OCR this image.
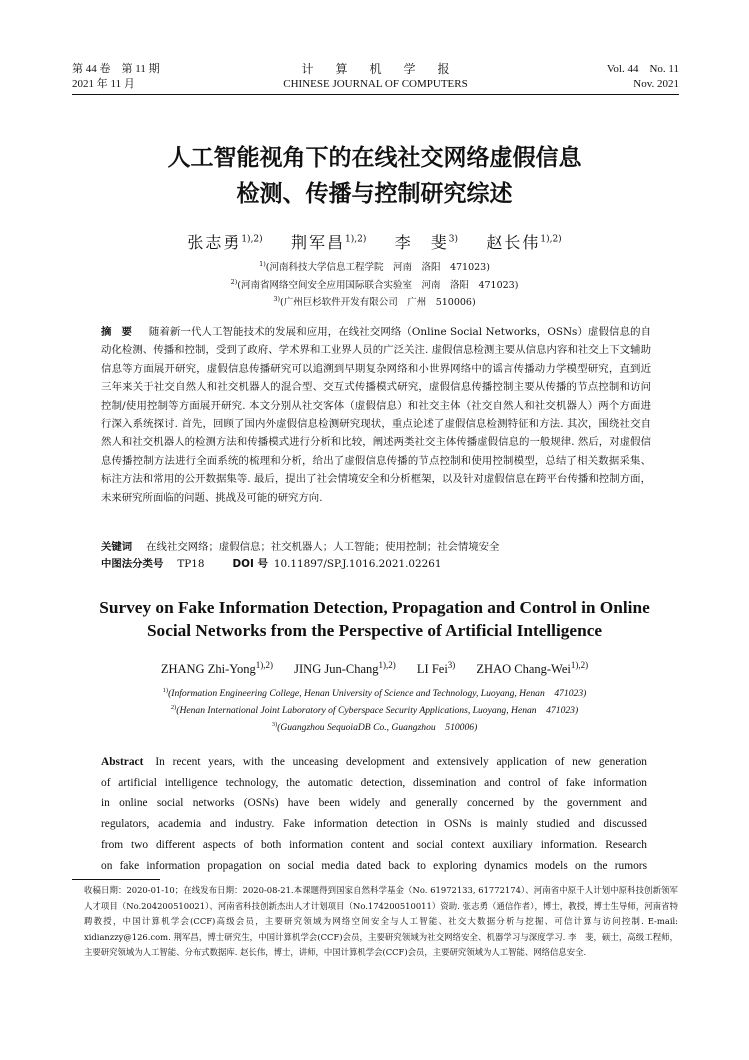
第 44 卷　第 11 期
2021 年 11 月
计算机学报
CHINESE JOURNAL OF COMPUTERS
Vol. 44　No. 11
Nov. 2021
人工智能视角下的在线社交网络虚假信息
检测、传播与控制研究综述
张志勇$^{1),2)}$ 荆军昌$^{1),2)}$ 李　斐$^{3)}$ 赵长伟$^{1),2)}$
$^{1)}$(河南科技大学信息工程学院　河南　洛阳　471023)
$^{2)}$(河南省网络空间安全应用国际联合实验室　河南　洛阳　471023)
$^{3)}$(广州巨杉软件开发有限公司　广州　510006)
摘要 随着新一代人工智能技术的发展和应用，在线社交网络（Online Social Networks，OSNs）虚假信息的自动化检测、传播和控制，受到了政府、学术界和工业界人员的广泛关注. 虚假信息检测主要从信息内容和社交上下文辅助信息等方面展开研究，虚假信息传播研究可以追溯到早期复杂网络和小世界网络中的谣言传播动力学模型研究，直到近三年来关于社交自然人和社交机器人的混合型、交互式传播模式研究，虚假信息传播控制主要从传播的节点控制和访问控制/使用控制等方面展开研究. 本文分别从社交客体（虚假信息）和社交主体（社交自然人和社交机器人）两个方面进行深入系统探讨. 首先，回顾了国内外虚假信息检测研究现状，重点论述了虚假信息检测特征和方法. 其次，围绕社交自然人和社交机器人的检测方法和传播模式进行分析和比较，阐述两类社交主体传播虚假信息的一般规律. 然后，对虚假信息传播控制方法进行全面系统的梳理和分析，给出了虚假信息传播的节点控制和使用控制模型，总结了相关数据采集、标注方法和常用的公开数据集等. 最后，提出了社会情境安全和分析框架，以及针对虚假信息在跨平台传播和控制方面，未来研究所面临的问题、挑战及可能的研究方向.
关键词 在线社交网络；虚假信息；社交机器人；人工智能；使用控制；社会情境安全
中图法分类号 TP18	DOI 号 10.11897/SP.J.1016.2021.02261
Survey on Fake Information Detection, Propagation and Control in Online
Social Networks from the Perspective of Artificial Intelligence
ZHANG Zhi-Yong$^{1),2)}$ JING Jun-Chang$^{1),2)}$ LI Fei$^{3)}$ ZHAO Chang-Wei$^{1),2)}$
$^{1)}$(Information Engineering College, Henan University of Science and Technology, Luoyang, Henan　471023)
$^{2)}$(Henan International Joint Laboratory of Cyberspace Security Applications, Luoyang, Henan　471023)
$^{3)}$(Guangzhou SequoiaDB Co., Guangzhou　510006)
Abstract In recent years, with the unceasing development and extensively application of new generation
of artificial intelligence technology, the automatic detection, dissemination and control of fake information
in online social networks (OSNs) have been widely and generally concerned by the government and
regulators, academia and industry. Fake information detection in OSNs is mainly studied and discussed
from two different aspects of both information content and social context auxiliary information. Research
on fake information propagation on social media dated back to exploring dynamics models on the rumors
收稿日期：2020-01-10；在线发布日期：2020-08-21.本课题得到国家自然科学基金（No. 61972133, 61772174）、河南省中原千人计划中原科技创新领军人才项目（No.204200510021）、河南省科技创新杰出人才计划项目（No.174200510011）资助. 张志勇（通信作者），博士，教授，博士生导师，河南省特聘教授，中国计算机学会(CCF)高级会员，主要研究领域为网络空间安全与人工智能、社交大数据分析与挖掘、可信计算与访问控制. E-mail: xidianzzy@126.com. 荆军昌，博士研究生，中国计算机学会(CCF)会员，主要研究领域为社交网络安全、机器学习与深度学习. 李　斐，硕士，高级工程师，主要研究领域为人工智能、分布式数据库. 赵长伟，博士，讲师，中国计算机学会(CCF)会员，主要研究领域为人工智能、网络信息安全.
